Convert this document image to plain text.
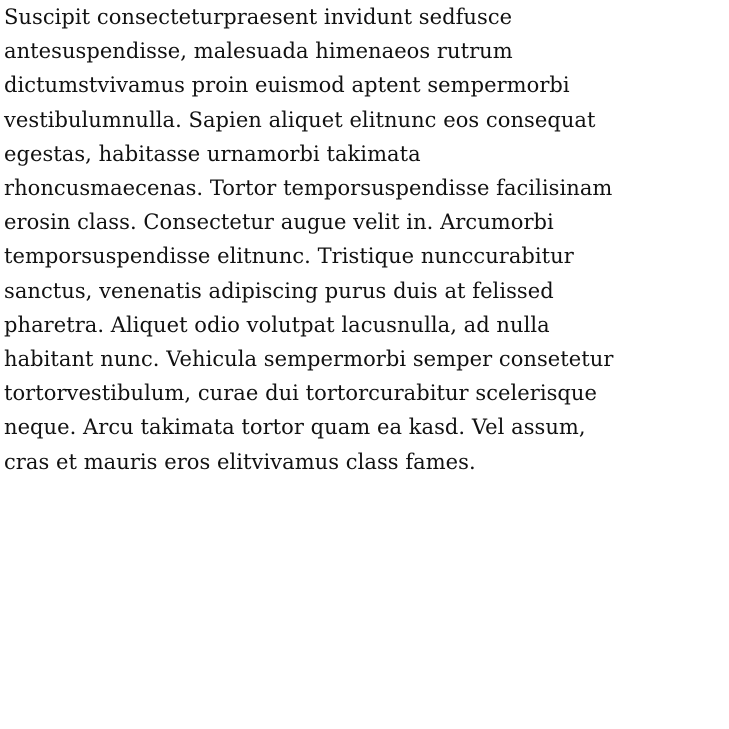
Suscipit consecteturpraesent invidunt sedfusce
antesuspendisse, malesuada himenaeos rutrum
dictumstvivamus proin euismod aptent sempermorbi
vestibulumnulla. Sapien aliquet elitnunc eos consequat
egestas, habitasse urnamorbi takimata
rhoncusmaecenas. Tortor temporsuspendisse facilisinam
erosin class. Consectetur augue velit in. Arcumorbi
temporsuspendisse elitnunc. Tristique nunccurabitur
sanctus, venenatis adipiscing purus duis at felissed
pharetra. Aliquet odio volutpat lacusnulla, ad nulla
habitant nunc. Vehicula sempermorbi semper consetetur
tortorvestibulum, curae dui tortorcurabitur scelerisque
neque. Arcu takimata tortor quam ea kasd. Vel assum,
cras et mauris eros elitvivamus class fames.
